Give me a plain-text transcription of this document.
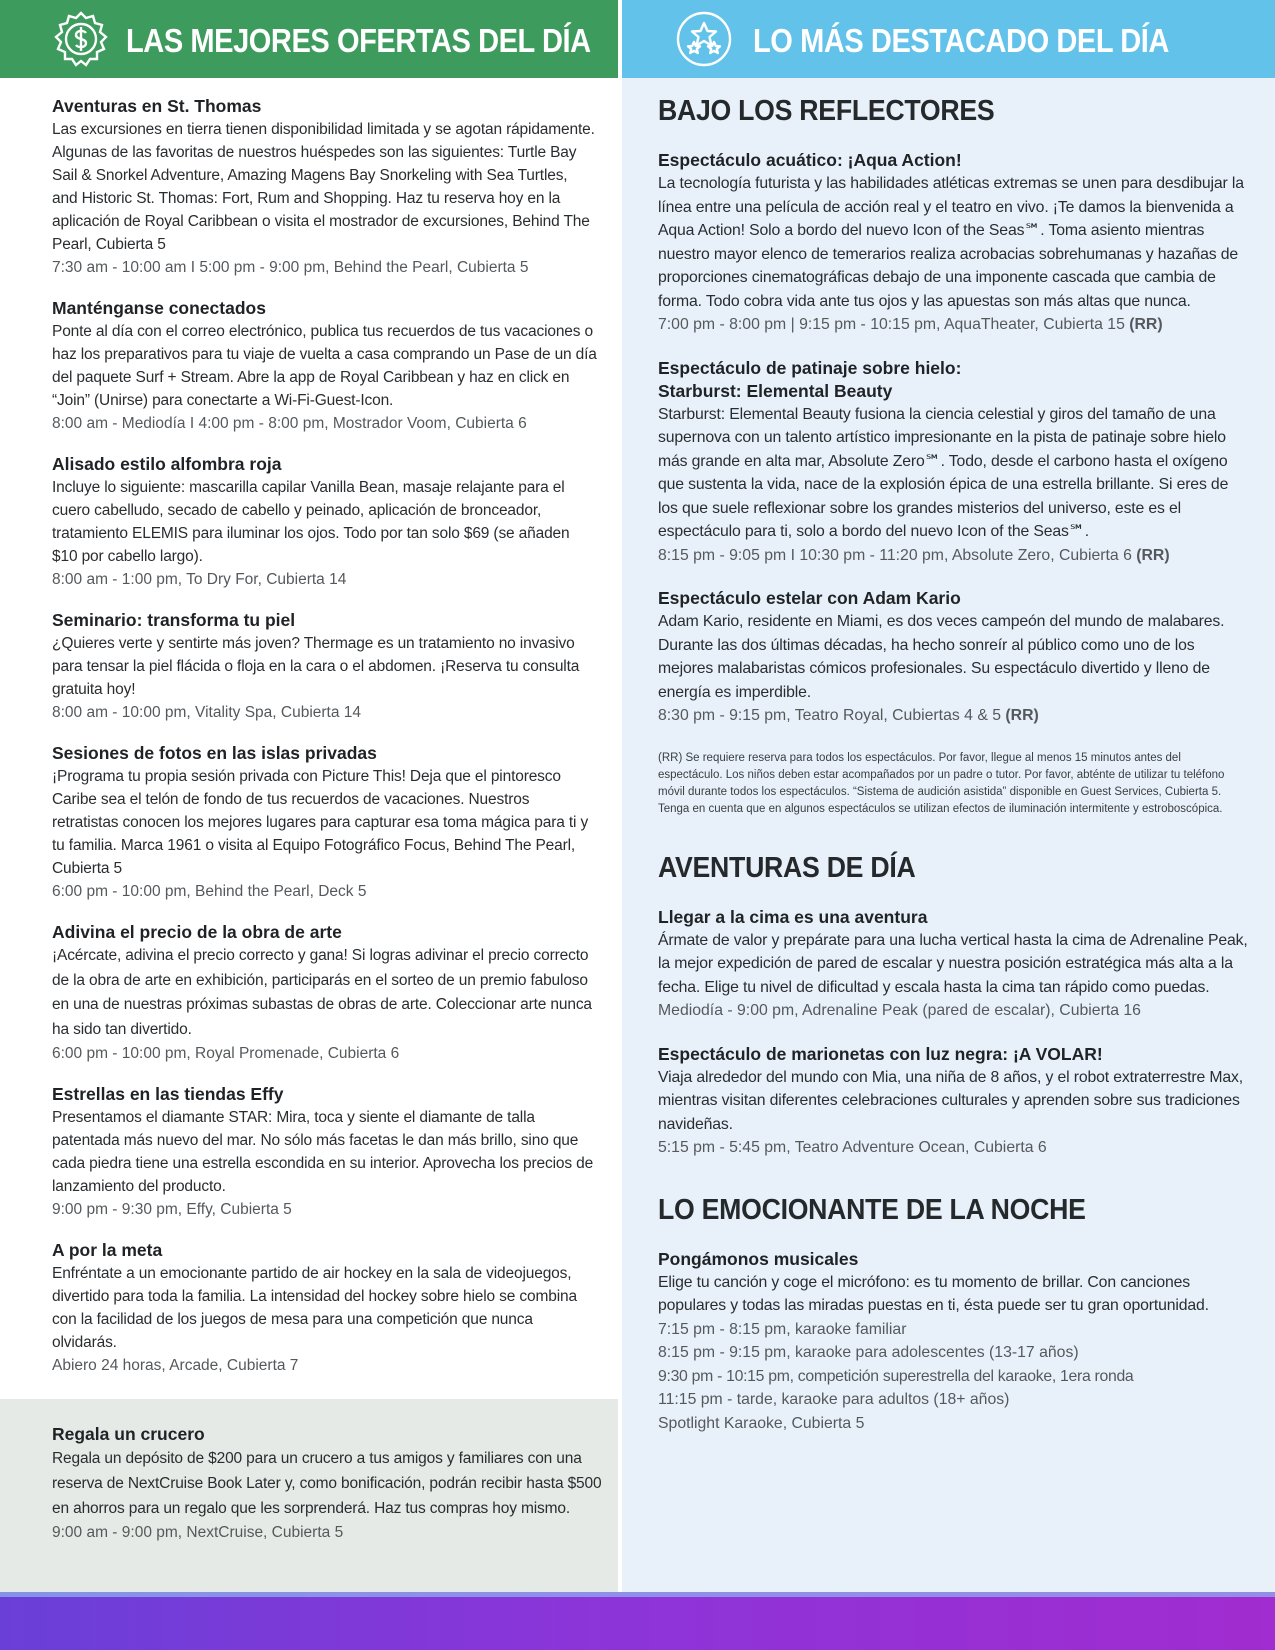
LAS MEJORES OFERTAS DEL DÍA
Aventuras en St. Thomas
Las excursiones en tierra tienen disponibilidad limitada y se agotan rápidamente. Algunas de las favoritas de nuestros huéspedes son las siguientes: Turtle Bay Sail & Snorkel Adventure, Amazing Magens Bay Snorkeling with Sea Turtles, and Historic St. Thomas: Fort, Rum and Shopping. Haz tu reserva hoy en la aplicación de Royal Caribbean o visita el mostrador de excursiones, Behind The Pearl, Cubierta 5
7:30 am - 10:00 am I 5:00 pm - 9:00 pm, Behind the Pearl, Cubierta 5
Manténganse conectados
Ponte al día con el correo electrónico, publica tus recuerdos de tus vacaciones o haz los preparativos para tu viaje de vuelta a casa comprando un Pase de un día del paquete Surf + Stream. Abre la app de Royal Caribbean y haz en click en “Join” (Unirse) para conectarte a Wi-Fi-Guest-Icon.
8:00 am - Mediodía I 4:00 pm - 8:00 pm, Mostrador Voom, Cubierta 6
Alisado estilo alfombra roja
Incluye lo siguiente: mascarilla capilar Vanilla Bean, masaje relajante para el cuero cabelludo, secado de cabello y peinado, aplicación de bronceador, tratamiento ELEMIS para iluminar los ojos. Todo por tan solo $69 (se añaden $10 por cabello largo).
8:00 am - 1:00 pm, To Dry For, Cubierta 14
Seminario: transforma tu piel
¿Quieres verte y sentirte más joven? Thermage es un tratamiento no invasivo para tensar la piel flácida o floja en la cara o el abdomen. ¡Reserva tu consulta gratuita hoy!
8:00 am - 10:00 pm, Vitality Spa, Cubierta 14
Sesiones de fotos en las islas privadas
¡Programa tu propia sesión privada con Picture This! Deja que el pintoresco Caribe sea el telón de fondo de tus recuerdos de vacaciones. Nuestros retratistas conocen los mejores lugares para capturar esa toma mágica para ti y tu familia. Marca 1961 o visita al Equipo Fotográfico Focus, Behind The Pearl, Cubierta 5
6:00 pm - 10:00 pm, Behind the Pearl, Deck 5
Adivina el precio de la obra de arte
¡Acércate, adivina el precio correcto y gana! Si logras adivinar el precio correcto de la obra de arte en exhibición, participarás en el sorteo de un premio fabuloso en una de nuestras próximas subastas de obras de arte. Coleccionar arte nunca ha sido tan divertido.
6:00 pm - 10:00 pm, Royal Promenade, Cubierta 6
Estrellas en las tiendas Effy
Presentamos el diamante STAR: Mira, toca y siente el diamante de talla patentada más nuevo del mar. No sólo más facetas le dan más brillo, sino que cada piedra tiene una estrella escondida en su interior. Aprovecha los precios de lanzamiento del producto.
9:00 pm - 9:30 pm, Effy, Cubierta 5
A por la meta
Enfréntate a un emocionante partido de air hockey en la sala de videojuegos, divertido para toda la familia. La intensidad del hockey sobre hielo se combina con la facilidad de los juegos de mesa para una competición que nunca olvidarás.
Abiero 24 horas, Arcade, Cubierta 7
Regala un crucero
Regala un depósito de $200 para un crucero a tus amigos y familiares con una reserva de NextCruise Book Later y, como bonificación, podrán recibir hasta $500 en ahorros para un regalo que les sorprenderá. Haz tus compras hoy mismo.
9:00 am - 9:00 pm, NextCruise, Cubierta 5
LO MÁS DESTACADO DEL DÍA
BAJO LOS REFLECTORES
Espectáculo acuático: ¡Aqua Action!
La tecnología futurista y las habilidades atléticas extremas se unen para desdibujar la línea entre una película de acción real y el teatro en vivo. ¡Te damos la bienvenida a Aqua Action! Solo a bordo del nuevo Icon of the Seas℠. Toma asiento mientras nuestro mayor elenco de temerarios realiza acrobacias sobrehumanas y hazañas de proporciones cinematográficas debajo de una imponente cascada que cambia de forma. Todo cobra vida ante tus ojos y las apuestas son más altas que nunca.
7:00 pm - 8:00 pm | 9:15 pm - 10:15 pm, AquaTheater, Cubierta 15 (RR)
Espectáculo de patinaje sobre hielo:
Starburst: Elemental Beauty
Starburst: Elemental Beauty fusiona la ciencia celestial y giros del tamaño de una supernova con un talento artístico impresionante en la pista de patinaje sobre hielo más grande en alta mar, Absolute Zero℠. Todo, desde el carbono hasta el oxígeno que sustenta la vida, nace de la explosión épica de una estrella brillante. Si eres de los que suele reflexionar sobre los grandes misterios del universo, este es el espectáculo para ti, solo a bordo del nuevo Icon of the Seas℠.
8:15 pm - 9:05 pm I 10:30 pm - 11:20 pm, Absolute Zero, Cubierta 6 (RR)
Espectáculo estelar con Adam Kario
Adam Kario, residente en Miami, es dos veces campeón del mundo de malabares. Durante las dos últimas décadas, ha hecho sonreír al público como uno de los mejores malabaristas cómicos profesionales. Su espectáculo divertido y lleno de energía es imperdible.
8:30 pm - 9:15 pm, Teatro Royal, Cubiertas 4 & 5 (RR)
(RR) Se requiere reserva para todos los espectáculos. Por favor, llegue al menos 15 minutos antes del espectáculo. Los niños deben estar acompañados por un padre o tutor. Por favor, abténte de utilizar tu teléfono móvil durante todos los espectáculos. “Sistema de audición asistida” disponible en Guest Services, Cubierta 5. Tenga en cuenta que en algunos espectáculos se utilizan efectos de iluminación intermitente y estroboscópica.
AVENTURAS DE DÍA
Llegar a la cima es una aventura
Ármate de valor y prepárate para una lucha vertical hasta la cima de Adrenaline Peak, la mejor expedición de pared de escalar y nuestra posición estratégica más alta a la fecha. Elige tu nivel de dificultad y escala hasta la cima tan rápido como puedas.
Mediodía - 9:00 pm, Adrenaline Peak (pared de escalar), Cubierta 16
Espectáculo de marionetas con luz negra: ¡A VOLAR!
Viaja alrededor del mundo con Mia, una niña de 8 años, y el robot extraterrestre Max, mientras visitan diferentes celebraciones culturales y aprenden sobre sus tradiciones navideñas.
5:15 pm - 5:45 pm, Teatro Adventure Ocean, Cubierta 6
LO EMOCIONANTE DE LA NOCHE
Pongámonos musicales
Elige tu canción y coge el micrófono: es tu momento de brillar. Con canciones populares y todas las miradas puestas en ti, ésta puede ser tu gran oportunidad.
7:15 pm - 8:15 pm, karaoke familiar
8:15 pm - 9:15 pm, karaoke para adolescentes (13-17 años)
9:30 pm - 10:15 pm, competición superestrella del karaoke, 1era ronda
11:15 pm - tarde, karaoke para adultos (18+ años)
Spotlight Karaoke, Cubierta 5
